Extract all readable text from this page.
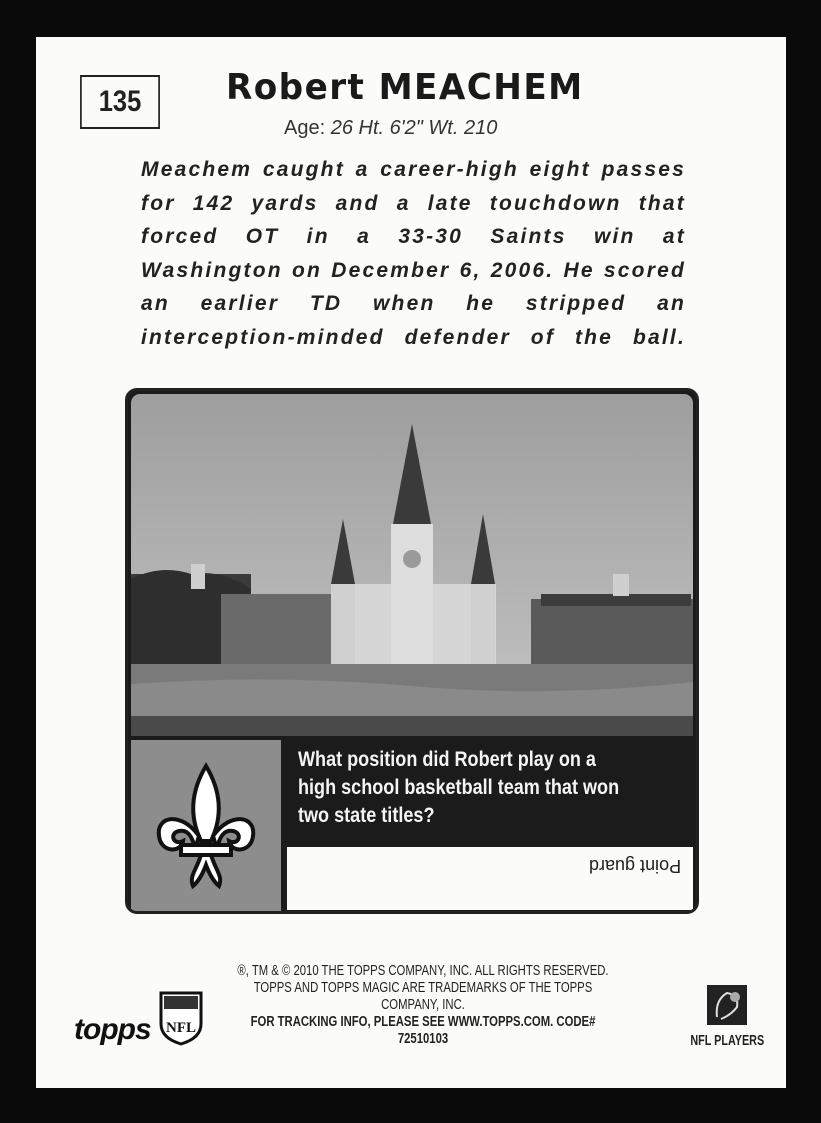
135	Robert MEACHEM
Age: 26 Ht. 6'2" Wt. 210
Meachem caught a career-high eight passes for 142 yards and a late touchdown that forced OT in a 33-30 Saints win at Washington on December 6, 2006. He scored an earlier TD when he stripped an interception-minded defender of the ball.
What position did Robert play on a high school basketball team that won two state titles?
Point guard
topps NFL
®, TM & © 2010 THE TOPPS COMPANY, INC. ALL RIGHTS RESERVED.
TOPPS AND TOPPS MAGIC ARE TRADEMARKS OF THE TOPPS COMPANY, INC.
FOR TRACKING INFO, PLEASE SEE WWW.TOPPS.COM. CODE# 72510103	NFL PLAYERS
